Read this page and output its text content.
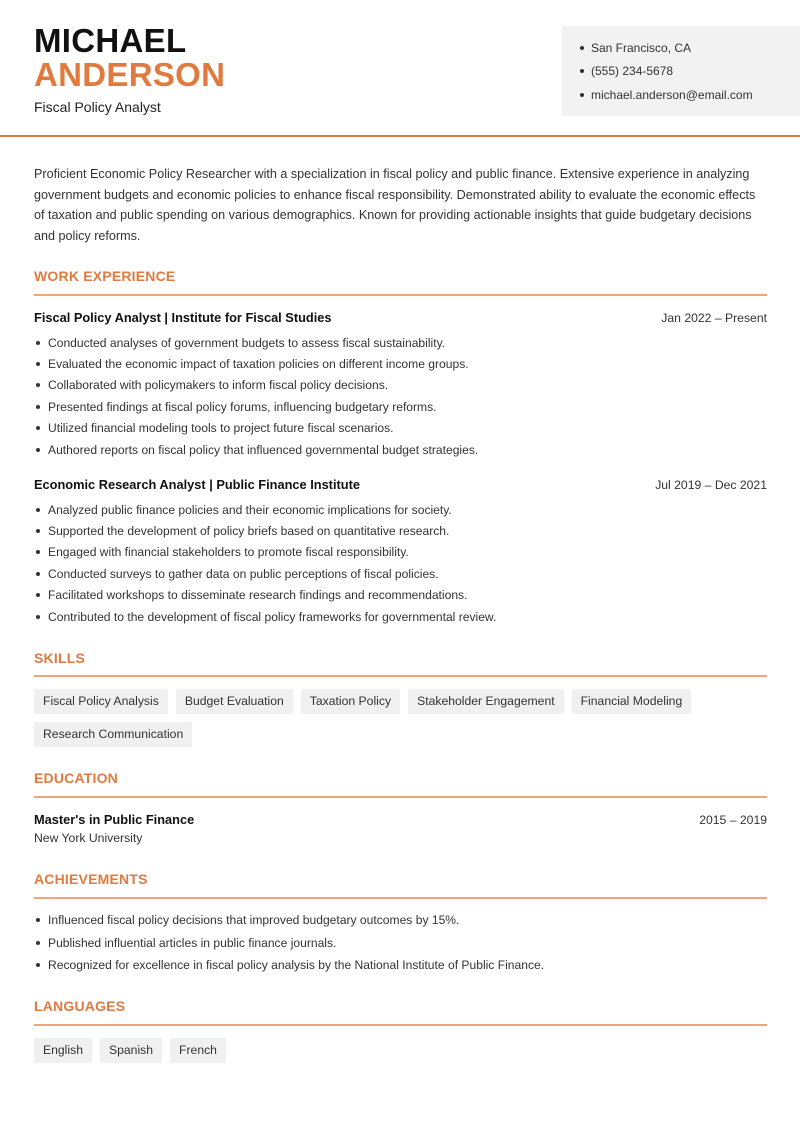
MICHAEL
ANDERSON
Fiscal Policy Analyst
San Francisco, CA
(555) 234-5678
michael.anderson@email.com

Proficient Economic Policy Researcher with a specialization in fiscal policy and public finance. Extensive experience in analyzing government budgets and economic policies to enhance fiscal responsibility. Demonstrated ability to evaluate the economic effects of taxation and public spending on various demographics. Known for providing actionable insights that guide budgetary decisions and policy reforms.

WORK EXPERIENCE
Fiscal Policy Analyst | Institute for Fiscal Studies	Jan 2022 – Present
Conducted analyses of government budgets to assess fiscal sustainability.
Evaluated the economic impact of taxation policies on different income groups.
Collaborated with policymakers to inform fiscal policy decisions.
Presented findings at fiscal policy forums, influencing budgetary reforms.
Utilized financial modeling tools to project future fiscal scenarios.
Authored reports on fiscal policy that influenced governmental budget strategies.
Economic Research Analyst | Public Finance Institute	Jul 2019 – Dec 2021
Analyzed public finance policies and their economic implications for society.
Supported the development of policy briefs based on quantitative research.
Engaged with financial stakeholders to promote fiscal responsibility.
Conducted surveys to gather data on public perceptions of fiscal policies.
Facilitated workshops to disseminate research findings and recommendations.
Contributed to the development of fiscal policy frameworks for governmental review.
SKILLS
Fiscal Policy Analysis	Budget Evaluation	Taxation Policy	Stakeholder Engagement	Financial Modeling
Research Communication
EDUCATION
Master's in Public Finance	2015 – 2019
New York University
ACHIEVEMENTS
Influenced fiscal policy decisions that improved budgetary outcomes by 15%.
Published influential articles in public finance journals.
Recognized for excellence in fiscal policy analysis by the National Institute of Public Finance.
LANGUAGES
English	Spanish	French
